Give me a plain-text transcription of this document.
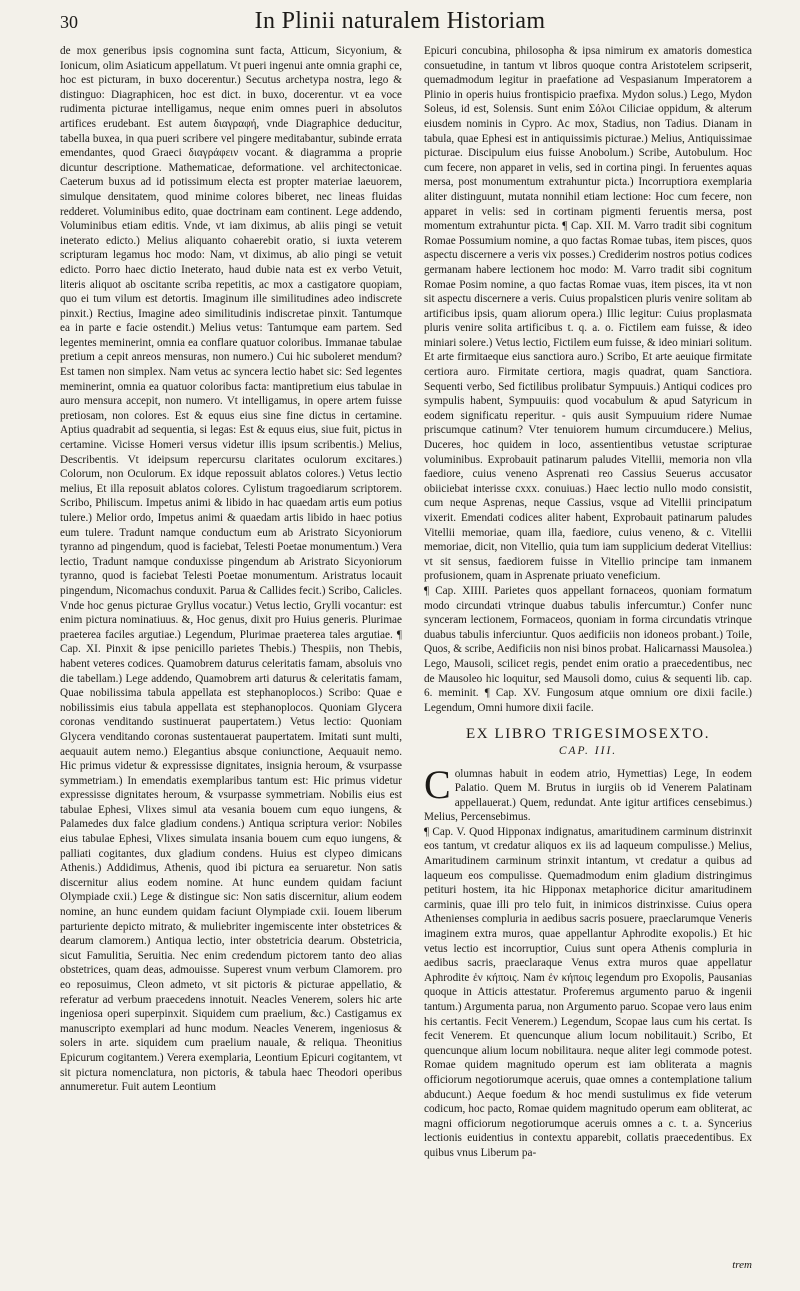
30	In Plinii naturalem Historiam

de mox generibus ipsis cognomina sunt facta, Atticum, Sicyonium, & Ionicum, olim Asiaticum appellatum. Vt pueri ingenui ante omnia graphi ce, hoc est picturam, in buxo docerentur.) Secutus archetypa nostra, lego & distinguo: Diagraphicen, hoc est dict. in buxo, docerentur. vt ea voce rudimenta picturae intelligamus, neque enim omnes pueri in absolutos artifices erudebant. Est autem διαγραφή, vnde Diagraphice deducitur, tabella buxea, in qua pueri scribere vel pingere meditabantur, subinde errata emendantes, quod Graeci διαγράφειν vocant. & diagramma a proprie dicuntur descriptione. Mathematicae, deformatione. vel architectonicae. Caeterum buxus ad id potissimum electa est propter materiae laeuorem, simulque densitatem, quod minime colores biberet, nec lineas fluidas redderet. Voluminibus edito, quae doctrinam eam continent. Lege addendo, Voluminibus etiam editis. Vnde, vt iam diximus, ab aliis pingi se vetuit ineterato edicto.) Melius aliquanto cohaerebit oratio, si iuxta veterem scripturam legamus hoc modo: Nam, vt diximus, ab alio pingi se vetuit edicto. Porro haec dictio Ineterato, haud dubie nata est ex verbo Vetuit, literis aliquot ab oscitante scriba repetitis, ac mox a castigatore quopiam, quo ei tum vilum est detortis. Imaginum ille similitudines adeo indiscrete pinxit.) Rectius, Imagine adeo similitudinis indiscretae pinxit. Tantumque ea in parte e facie ostendit.) Melius vetus: Tantumque eam partem. Sed legentes meminerint, omnia ea conflare quatuor coloribus. Immanae tabulae pretium a cepit anreos mensuras, non numero.) Cui hic suboleret mendum? Est tamen non simplex. Nam vetus ac syncera lectio habet sic: Sed legentes meminerint, omnia ea quatuor coloribus facta: mantipretium eius tabulae in auro mensura accepit, non numero. Vt intelligamus, in opere artem fuisse pretiosam, non colores. Est & equus eius sine fine dictus in certamine. Aptius quadrabit ad sequentia, si legas: Est & equus eius, siue fuit, pictus in certamine. Vicisse Homeri versus videtur illis ipsum scribentis.) Melius, Describentis. Vt ideipsum repercursu claritates oculorum excitares.) Colorum, non Oculorum. Ex idque repossuit ablatos colores.) Vetus lectio melius, Et illa reposuit ablatos colores. Cylistum tragoediarum scriptorem. Scribo, Philiscum. Impetus animi & libido in hac quaedam artis eum potius tulere.) Melior ordo, Impetus animi & quaedam artis libido in haec potius eum tulere. Tradunt namque conductum eum ab Aristrato Sicyoniorum tyranno ad pingendum, quod is faciebat, Telesti Poetae monumentum.) Vera lectio, Tradunt namque conduxisse pingendum ab Aristrato Sicyoniorum tyranno, quod is faciebat Telesti Poetae monumentum. Aristratus locauit pingendum, Nicomachus conduxit. Parua & Callides fecit.) Scribo, Calicles. Vnde hoc genus picturae Gryllus vocatur.) Vetus lectio, Grylli vocantur: est enim pictura nominatiuus. &, Hoc genus, dixit pro Huius generis. Plurimae praeterea faciles argutiae.) Legendum, Plurimae praeterea tales argutiae. ¶ Cap. XI. Pinxit & ipse penicillo parietes Thebis.) Thespiis, non Thebis, habent veteres codices. Quamobrem daturus celeritatis famam, absoluis vno die tabellam.) Lege addendo, Quamobrem arti daturus & celeritatis famam, Quae nobilissima tabula appellata est stephanoplocos.) Scribo: Quae e nobilissimis eius tabula appellata est stephanoplocos. Quoniam Glycera coronas venditando sustinuerat paupertatem.) Vetus lectio: Quoniam Glycera venditando coronas sustentauerat paupertatem. Imitati sunt multi, aequauit autem nemo.) Elegantius absque coniunctione, Aequauit nemo. Hic primus videtur & expressisse dignitates, insignia heroum, & vsurpasse symmetriam.) In emendatis exemplaribus tantum est: Hic primus videtur expressisse dignitates heroum, & vsurpasse symmetriam. Nobilis eius est tabulae Ephesi, Vlixes simul ata vesania bouem cum equo iungens, & Palamedes dux falce gladium condens.) Antiqua scriptura verior: Nobiles eius tabulae Ephesi, Vlixes simulata insania bouem cum equo iungens, & palliati cogitantes, dux gladium condens. Huius est clypeo dimicans Athenis.) Addidimus, Athenis, quod ibi pictura ea seruaretur. Non satis discernitur alius eodem nomine. At hunc eundem quidam faciunt Olympiade cxii.) Lege & distingue sic: Non satis discernitur, alium eodem nomine, an hunc eundem quidam faciunt Olympiade cxii. Iouem liberum parturiente depicto mitrato, & muliebriter ingemiscente inter obstetrices & dearum clamorem.) Antiqua lectio, inter obstetricia dearum. Obstetricia, sicut Famulitia, Seruitia. Nec enim credendum pictorem tanto deo alias obstetrices, quam deas, admouisse. Superest vnum verbum Clamorem. pro eo reposuimus, Cleon admeto, vt sit pictoris & picturae appellatio, & referatur ad verbum praecedens innotuit. Neacles Venerem, solers hic arte ingeniosa operi superpinxit. Siquidem cum praelium, &c.) Castigamus ex manuscripto exemplari ad hunc modum. Neacles Venerem, ingeniosus & solers in arte. siquidem cum praelium nauale, & reliqua. Theonitius Epicurum cogitantem.) Verera exemplaria, Leontium Epicuri cogitantem, vt sit pictura nomenclatura, non pictoris, & tabula haec Theodori operibus annumeretur. Fuit autem Leontium

Epicuri concubina, philosopha & ipsa nimirum ex amatoris domestica consuetudine, in tantum vt libros quoque contra Aristotelem scripserit, quemadmodum legitur in praefatione ad Vespasianum Imperatorem a Plinio in operis huius frontispicio praefixa. Mydon solus.) Lego, Mydon Soleus, id est, Solensis. Sunt enim Σόλοι Ciliciae oppidum, & alterum eiusdem nominis in Cypro. Ac mox, Stadius, non Tadius. Dianam in tabula, quae Ephesi est in antiquissimis picturae.) Melius, Antiquissimae picturae. Discipulum eius fuisse Anobolum.) Scribe, Autobulum. Hoc cum fecere, non apparet in velis, sed in cortina pingi. In feruentes aquas mersa, post monumentum extrahuntur picta.) Incorruptiora exemplaria aliter distinguunt, mutata nonnihil etiam lectione: Hoc cum fecere, non apparet in velis: sed in cortinam pigmenti feruentis mersa, post momentum extrahuntur picta. ¶ Cap. XII. M. Varro tradit sibi cognitum Romae Possumium nomine, a quo factas Romae tubas, item pisces, quos aspectu discernere a veris vix posses.) Crediderim nostros potius codices germanam habere lectionem hoc modo: M. Varro tradit sibi cognitum Romae Posim nomine, a quo factas Romae vuas, item pisces, ita vt non sit aspectu discernere a veris. Cuius propalsticen pluris venire solitam ab artificibus ipsis, quam aliorum opera.) Illic legitur: Cuius proplasmata pluris venire solita artificibus t. q. a. o. Fictilem eam fuisse, & ideo miniari solere.) Vetus lectio, Fictilem eum fuisse, & ideo miniari solitum. Et arte firmitaeque eius sanctiora auro.) Scribo, Et arte aeuique firmitate certiora auro. Firmitate certiora, magis quadrat, quam Sanctiora. Sequenti verbo, Sed fictilibus prolibatur Sympuuis.) Antiqui codices pro sympulis habent, Sympuuiis: quod vocabulum & apud Satyricum in eodem significatu reperitur. - quis ausit Sympuuium ridere Numae priscumque catinum? Vter tenuiorem humum circumducere.) Melius, Duceres, hoc quidem in loco, assentientibus vetustae scripturae voluminibus. Exprobauit patinarum paludes Vitellii, memoria non vlla faediore, cuius veneno Asprenati reo Cassius Seuerus accusator obiiciebat interisse cxxx. conuiuas.) Haec lectio nullo modo consistit, cum neque Asprenas, neque Cassius, vsque ad Vitellii principatum vixerit. Emendati codices aliter habent, Exprobauit patinarum paludes Vitellii memoriae, quam illa, faediore, cuius veneno, & c. Vitellii memoriae, dicit, non Vitellio, quia tum iam supplicium dederat Vitellius: vt sit sensus, faediorem fuisse in Vitellio principe tam inmanem profusionem, quam in Asprenate priuato veneficium.

¶ Cap. XIIII. Parietes quos appellant fornaceos, quoniam formatum modo circundati vtrinque duabus tabulis infercumtur.) Confer nunc synceram lectionem, Formaceos, quoniam in forma circundatis vtrinque duabus tabulis inferciuntur. Quos aedificiis non idoneos probant.) Toile, Quos, & scribe, Aedificiis non nisi binos probat. Halicarnassi Mausolea.) Lego, Mausoli, scilicet regis, pendet enim oratio a praecedentibus, nec de Mausoleo hic loquitur, sed Mausoli domo, cuius & sequenti lib. cap. 6. meminit. ¶ Cap. XV. Fungosum atque omnium ore dixii facile.) Legendum, Omni humore dixii facile.

EX LIBRO TRIGESIMOSEXTO.
CAP. III.

Columnas habuit in eodem atrio, Hymettias) Lege, In eodem Palatio. Quem M. Brutus in iurgiis ob id Venerem Palatinam appellauerat.) Quem, redundat. Ante igitur artifices censebimus.) Melius, Percensebimus.

¶ Cap. V. Quod Hipponax indignatus, amaritudinem carminum distrinxit eos tantum, vt credatur aliquos ex iis ad laqueum compulisse.) Melius, Amaritudinem carminum strinxit intantum, vt credatur a quibus ad laqueum eos compulisse. Quemadmodum enim gladium distringimus petituri hostem, ita hic Hipponax metaphorice dicitur amaritudinem carminis, quae illi pro telo fuit, in inimicos distrinxisse. Cuius opera Athenienses compluria in aedibus sacris posuere, praeclarumque Veneris imaginem extra muros, quae appellantur Aphrodite exopolis.) Et hic vetus lectio est incorruptior, Cuius sunt opera Athenis compluria in aedibus sacris, praeclaraque Venus extra muros quae appellatur Aphrodite ἐν κήποις. Nam ἐν κήποις legendum pro Exopolis, Pausanias quoque in Atticis attestatur. Proferemus argumento paruo & ingenii tantum.) Argumenta parua, non Argumento paruo. Scopae vero laus enim his certantis. Fecit Venerem.) Legendum, Scopae laus cum his certat. Is fecit Venerem. Et quencunque alium locum nobilitauit.) Scribo, Et quencunque alium locum nobilitaura. neque aliter legi commode potest. Romae quidem magnitudo operum est iam obliterata a magnis officiorum negotiorumque aceruis, quae omnes a contemplatione talium abducunt.) Aeque foedum & hoc mendi sustulimus ex fide veterum codicum, hoc pacto, Romae quidem magnitudo operum eam obliterat, ac magni officiorum negotiorumque aceruis omnes a c. t. a. Syncerius lectionis euidentius in contextu apparebit, collatis praecedentibus. Ex quibus vnus Liberum pa-

trem
